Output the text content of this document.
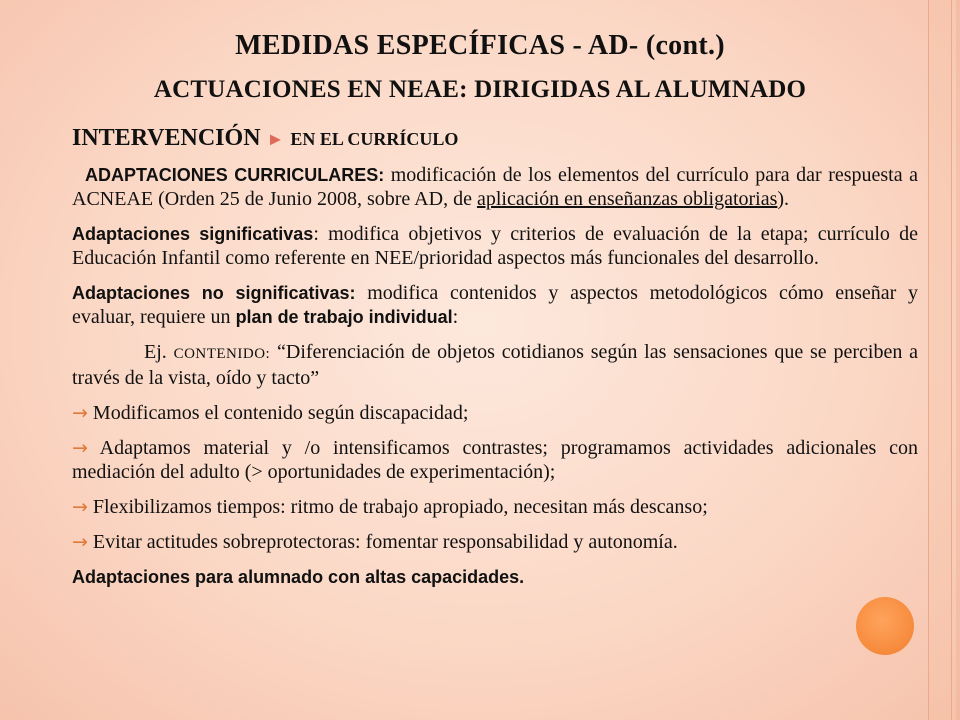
MEDIDAS ESPECÍFICAS - AD- (cont.)
ACTUACIONES EN NEAE: DIRIGIDAS AL ALUMNADO

INTERVENCIÓN ► EN EL CURRÍCULO

ADAPTACIONES CURRICULARES: modificación de los elementos del currículo para dar respuesta a ACNEAE (Orden 25 de Junio 2008, sobre AD, de aplicación en enseñanzas obligatorias).

Adaptaciones significativas: modifica objetivos y criterios de evaluación de la etapa; currículo de Educación Infantil como referente en NEE/prioridad aspectos más funcionales del desarrollo.

Adaptaciones no significativas: modifica contenidos y aspectos metodológicos cómo enseñar y evaluar, requiere un plan de trabajo individual:

Ej. CONTENIDO: “Diferenciación de objetos cotidianos según las sensaciones que se perciben a través de la vista, oído y tacto”

→ Modificamos el contenido según discapacidad;

→ Adaptamos material y /o intensificamos contrastes; programamos actividades adicionales con mediación del adulto (> oportunidades de experimentación);

→ Flexibilizamos tiempos: ritmo de trabajo apropiado, necesitan más descanso;

→ Evitar actitudes sobreprotectoras: fomentar responsabilidad y autonomía.

Adaptaciones para alumnado con altas capacidades.
